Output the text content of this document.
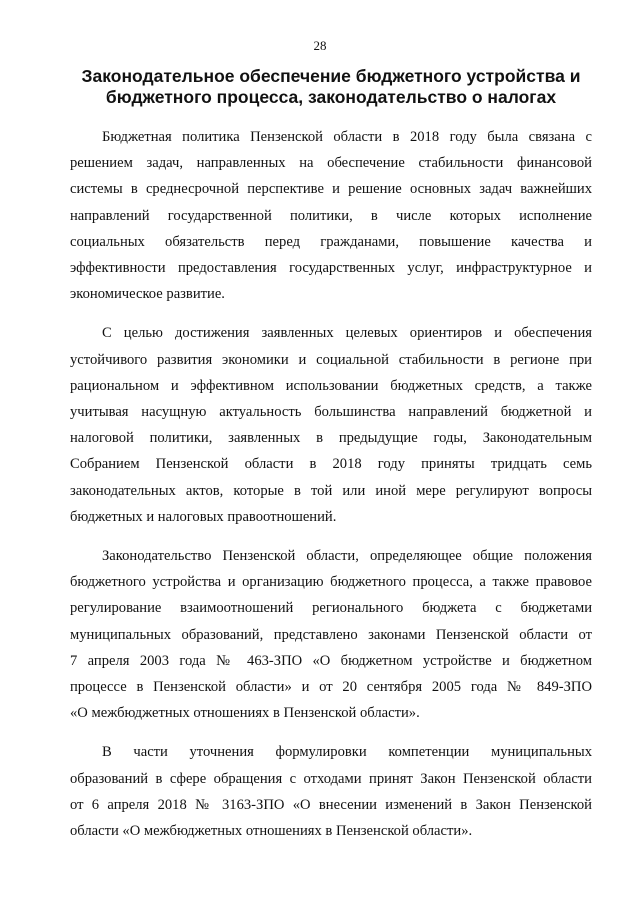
28
Законодательное обеспечение бюджетного устройства и
бюджетного процесса, законодательство о налогах

Бюджетная политика Пензенской области в 2018 году была связана с
решением задач, направленных на обеспечение стабильности финансовой
системы в среднесрочной перспективе и решение основных задач важнейших
направлений государственной политики, в числе которых исполнение
социальных обязательств перед гражданами, повышение качества и
эффективности предоставления государственных услуг, инфраструктурное и
экономическое развитие.

С целью достижения заявленных целевых ориентиров и обеспечения
устойчивого развития экономики и социальной стабильности в регионе при
рациональном и эффективном использовании бюджетных средств, а также
учитывая насущную актуальность большинства направлений бюджетной и
налоговой политики, заявленных в предыдущие годы, Законодательным
Собранием Пензенской области в 2018 году приняты тридцать семь
законодательных актов, которые в той или иной мере регулируют вопросы
бюджетных и налоговых правоотношений.

Законодательство Пензенской области, определяющее общие положения
бюджетного устройства и организацию бюджетного процесса, а также правовое
регулирование взаимоотношений регионального бюджета с бюджетами
муниципальных образований, представлено законами Пензенской области от
7 апреля 2003 года № 463-ЗПО «О бюджетном устройстве и бюджетном
процессе в Пензенской области» и от 20 сентября 2005 года № 849-ЗПО
«О межбюджетных отношениях в Пензенской области».

В части уточнения формулировки компетенции муниципальных
образований в сфере обращения с отходами принят Закон Пензенской области
от 6 апреля 2018 № 3163-ЗПО «О внесении изменений в Закон Пензенской
области «О межбюджетных отношениях в Пензенской области».
